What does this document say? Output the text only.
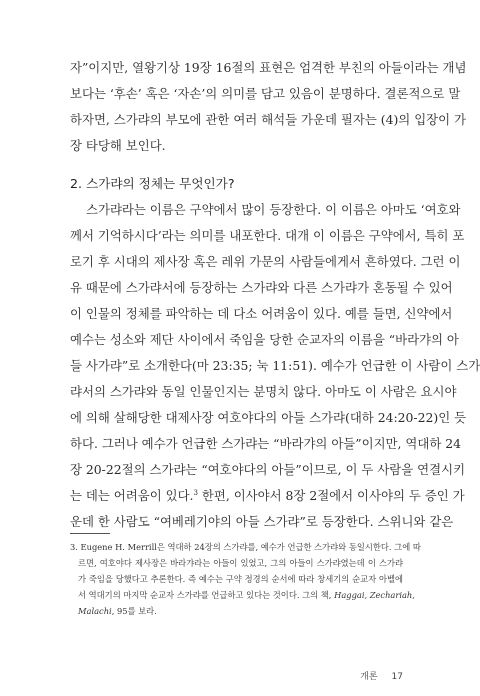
자”이지만, 열왕기상 19장 16절의 표현은 엄격한 부친의 아들이라는 개념
보다는 ‘후손’ 혹은 ‘자손’의 의미를 담고 있음이 분명하다. 결론적으로 말
하자면, 스가랴의 부모에 관한 여러 해석들 가운데 필자는 (4)의 입장이 가
장 타당해 보인다.
2. 스가랴의 정체는 무엇인가?
스가랴라는 이름은 구약에서 많이 등장한다. 이 이름은 아마도 ‘여호와
께서 기억하시다’라는 의미를 내포한다. 대개 이 이름은 구약에서, 특히 포
로기 후 시대의 제사장 혹은 레위 가문의 사람들에게서 흔하였다. 그런 이
유 때문에 스가랴서에 등장하는 스가랴와 다른 스가랴가 혼동될 수 있어
이 인물의 정체를 파악하는 데 다소 어려움이 있다. 예를 들면, 신약에서
예수는 성소와 제단 사이에서 죽임을 당한 순교자의 이름을 “바라갸의 아
들 사가랴”로 소개한다(마 23:35; 눅 11:51). 예수가 언급한 이 사람이 스가
랴서의 스가랴와 동일 인물인지는 분명치 않다. 아마도 이 사람은 요시야
에 의해 살해당한 대제사장 여호야다의 아들 스가랴(대하 24:20-22)인 듯
하다. 그러나 예수가 언급한 스가랴는 “바라갸의 아들”이지만, 역대하 24
장 20-22절의 스가랴는 “여호야다의 아들”이므로, 이 두 사람을 연결시키
는 데는 어려움이 있다.$^3$ 한편, 이사야서 8장 2절에서 이사야의 두 증인 가
운데 한 사람도 “여베레기야의 아들 스가랴”로 등장한다. 스위니와 같은
3. Eugene H. Merrill은 역대하 24장의 스가랴를, 예수가 언급한 스가랴와 동일시한다. 그에 따
르면, 여호야다 제사장은 바라갸라는 아들이 있었고, 그의 아들이 스가랴였는데 이 스가랴
가 죽임을 당했다고 추론한다. 즉 예수는 구약 정경의 순서에 따라 창세기의 순교자 아벨에
서 역대기의 마지막 순교자 스가랴를 언급하고 있다는 것이다. 그의 책, Haggai, Zechariah,
Malachi, 95를 보라.
개론 17
